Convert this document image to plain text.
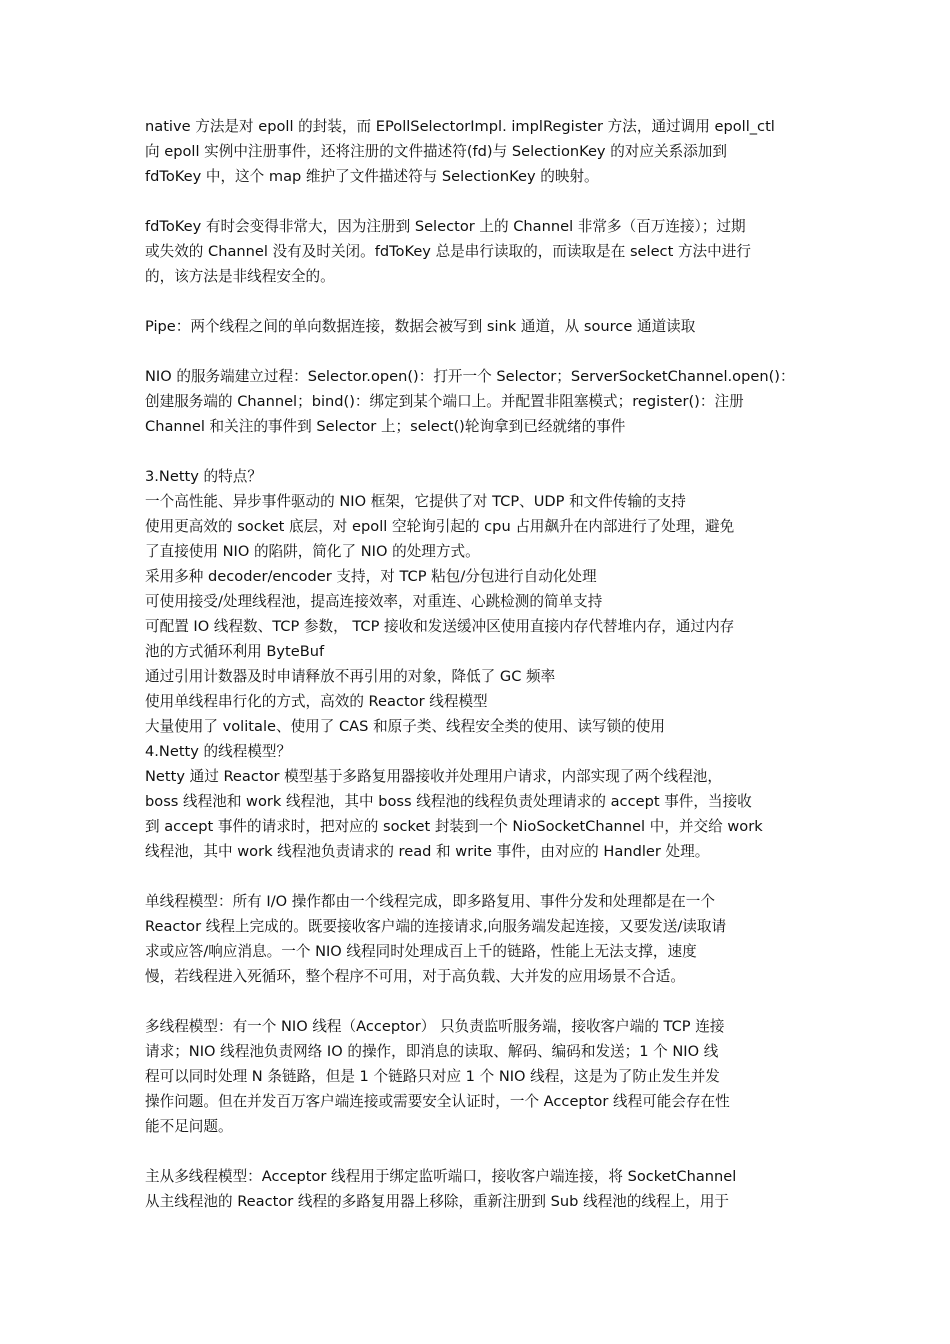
native 方法是对 epoll 的封装，而 EPollSelectorImpl. implRegister 方法，通过调用 epoll_ctl
向 epoll 实例中注册事件，还将注册的文件描述符(fd)与 SelectionKey 的对应关系添加到
fdToKey 中，这个 map 维护了文件描述符与 SelectionKey 的映射。
fdToKey 有时会变得非常大，因为注册到 Selector 上的 Channel 非常多（百万连接）；过期
或失效的 Channel 没有及时关闭。fdToKey 总是串行读取的，而读取是在 select 方法中进行
的，该方法是非线程安全的。
Pipe：两个线程之间的单向数据连接，数据会被写到 sink 通道，从 source 通道读取
NIO 的服务端建立过程：Selector.open()：打开一个 Selector；ServerSocketChannel.open()：
创建服务端的 Channel；bind()：绑定到某个端口上。并配置非阻塞模式；register()：注册
Channel 和关注的事件到 Selector 上；select()轮询拿到已经就绪的事件
3.Netty 的特点？
一个高性能、异步事件驱动的 NIO 框架，它提供了对 TCP、UDP 和文件传输的支持
使用更高效的 socket 底层，对 epoll 空轮询引起的 cpu 占用飙升在内部进行了处理，避免
了直接使用 NIO 的陷阱，简化了 NIO 的处理方式。
采用多种 decoder/encoder 支持，对 TCP 粘包/分包进行自动化处理
可使用接受/处理线程池，提高连接效率，对重连、心跳检测的简单支持
可配置 IO 线程数、TCP 参数， TCP 接收和发送缓冲区使用直接内存代替堆内存，通过内存
池的方式循环利用 ByteBuf
通过引用计数器及时申请释放不再引用的对象，降低了 GC 频率
使用单线程串行化的方式，高效的 Reactor 线程模型
大量使用了 volitale、使用了 CAS 和原子类、线程安全类的使用、读写锁的使用
4.Netty 的线程模型？
Netty 通过 Reactor 模型基于多路复用器接收并处理用户请求，内部实现了两个线程池，
boss 线程池和 work 线程池，其中 boss 线程池的线程负责处理请求的 accept 事件，当接收
到 accept 事件的请求时，把对应的 socket 封装到一个 NioSocketChannel 中，并交给 work
线程池，其中 work 线程池负责请求的 read 和 write 事件，由对应的 Handler 处理。
单线程模型：所有 I/O 操作都由一个线程完成，即多路复用、事件分发和处理都是在一个
Reactor 线程上完成的。既要接收客户端的连接请求,向服务端发起连接，又要发送/读取请
求或应答/响应消息。一个 NIO 线程同时处理成百上千的链路，性能上无法支撑，速度
慢，若线程进入死循环，整个程序不可用，对于高负载、大并发的应用场景不合适。
多线程模型：有一个 NIO 线程（Acceptor） 只负责监听服务端，接收客户端的 TCP 连接
请求；NIO 线程池负责网络 IO 的操作，即消息的读取、解码、编码和发送；1 个 NIO 线
程可以同时处理 N 条链路，但是 1 个链路只对应 1 个 NIO 线程，这是为了防止发生并发
操作问题。但在并发百万客户端连接或需要安全认证时，一个 Acceptor 线程可能会存在性
能不足问题。
主从多线程模型：Acceptor 线程用于绑定监听端口，接收客户端连接，将 SocketChannel
从主线程池的 Reactor 线程的多路复用器上移除，重新注册到 Sub 线程池的线程上，用于
